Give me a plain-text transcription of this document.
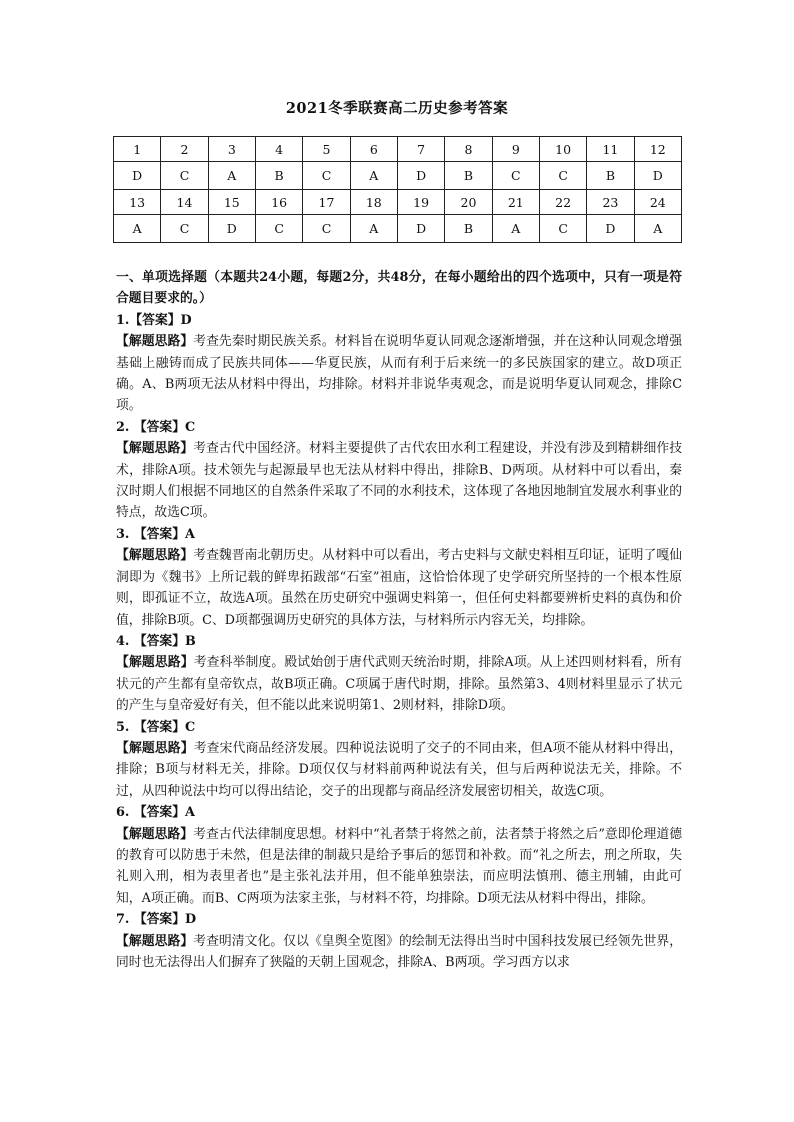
2021冬季联赛高二历史参考答案
1	2	3	4	5	6	7	8	9	10	11	12
D	C	A	B	C	A	D	B	C	C	B	D
13	14	15	16	17	18	19	20	21	22	23	24
A	C	D	C	C	A	D	B	A	C	D	A

一、单项选择题（本题共24小题，每题2分，共48分，在每小题给出的四个选项中，只有一项是符合题目要求的。）

1.【答案】D

【解题思路】考查先秦时期民族关系。材料旨在说明华夏认同观念逐渐增强，并在这种认同观念增强基础上融铸而成了民族共同体——华夏民族，从而有利于后来统一的多民族国家的建立。故D项正确。A、B两项无法从材料中得出，均排除。材料并非说华夷观念，而是说明华夏认同观念，排除C项。

2. 【答案】C

【解题思路】考查古代中国经济。材料主要提供了古代农田水利工程建设，并没有涉及到精耕细作技术，排除A项。技术领先与起源最早也无法从材料中得出，排除B、D两项。从材料中可以看出，秦汉时期人们根据不同地区的自然条件采取了不同的水利技术，这体现了各地因地制宜发展水利事业的特点，故选C项。

3. 【答案】A

【解题思路】考查魏晋南北朝历史。从材料中可以看出，考古史料与文献史料相互印证，证明了嘎仙洞即为《魏书》上所记载的鲜卑拓跋部“石室”祖庙，这恰恰体现了史学研究所坚持的一个根本性原则，即孤证不立，故选A项。虽然在历史研究中强调史料第一，但任何史料都要辨析史料的真伪和价值，排除B项。C、D项都强调历史研究的具体方法，与材料所示内容无关，均排除。

4. 【答案】B

【解题思路】考查科举制度。殿试始创于唐代武则天统治时期，排除A项。从上述四则材料看，所有状元的产生都有皇帝钦点，故B项正确。C项属于唐代时期，排除。虽然第3、4则材料里显示了状元的产生与皇帝爱好有关，但不能以此来说明第1、2则材料，排除D项。

5. 【答案】C

【解题思路】考查宋代商品经济发展。四种说法说明了交子的不同由来，但A项不能从材料中得出，排除；B项与材料无关，排除。D项仅仅与材料前两种说法有关，但与后两种说法无关，排除。不过，从四种说法中均可以得出结论，交子的出现都与商品经济发展密切相关，故选C项。

6. 【答案】A

【解题思路】考查古代法律制度思想。材料中“礼者禁于将然之前，法者禁于将然之后”意即伦理道德的教育可以防患于未然，但是法律的制裁只是给予事后的惩罚和补救。而“礼之所去，刑之所取，失礼则入刑，相为表里者也”是主张礼法并用，但不能单独崇法，而应明法慎刑、德主刑辅，由此可知，A项正确。而B、C两项为法家主张，与材料不符，均排除。D项无法从材料中得出，排除。

7. 【答案】D

【解题思路】考查明清文化。仅以《皇舆全览图》的绘制无法得出当时中国科技发展已经领先世界，同时也无法得出人们摒弃了狭隘的天朝上国观念，排除A、B两项。学习西方以求
